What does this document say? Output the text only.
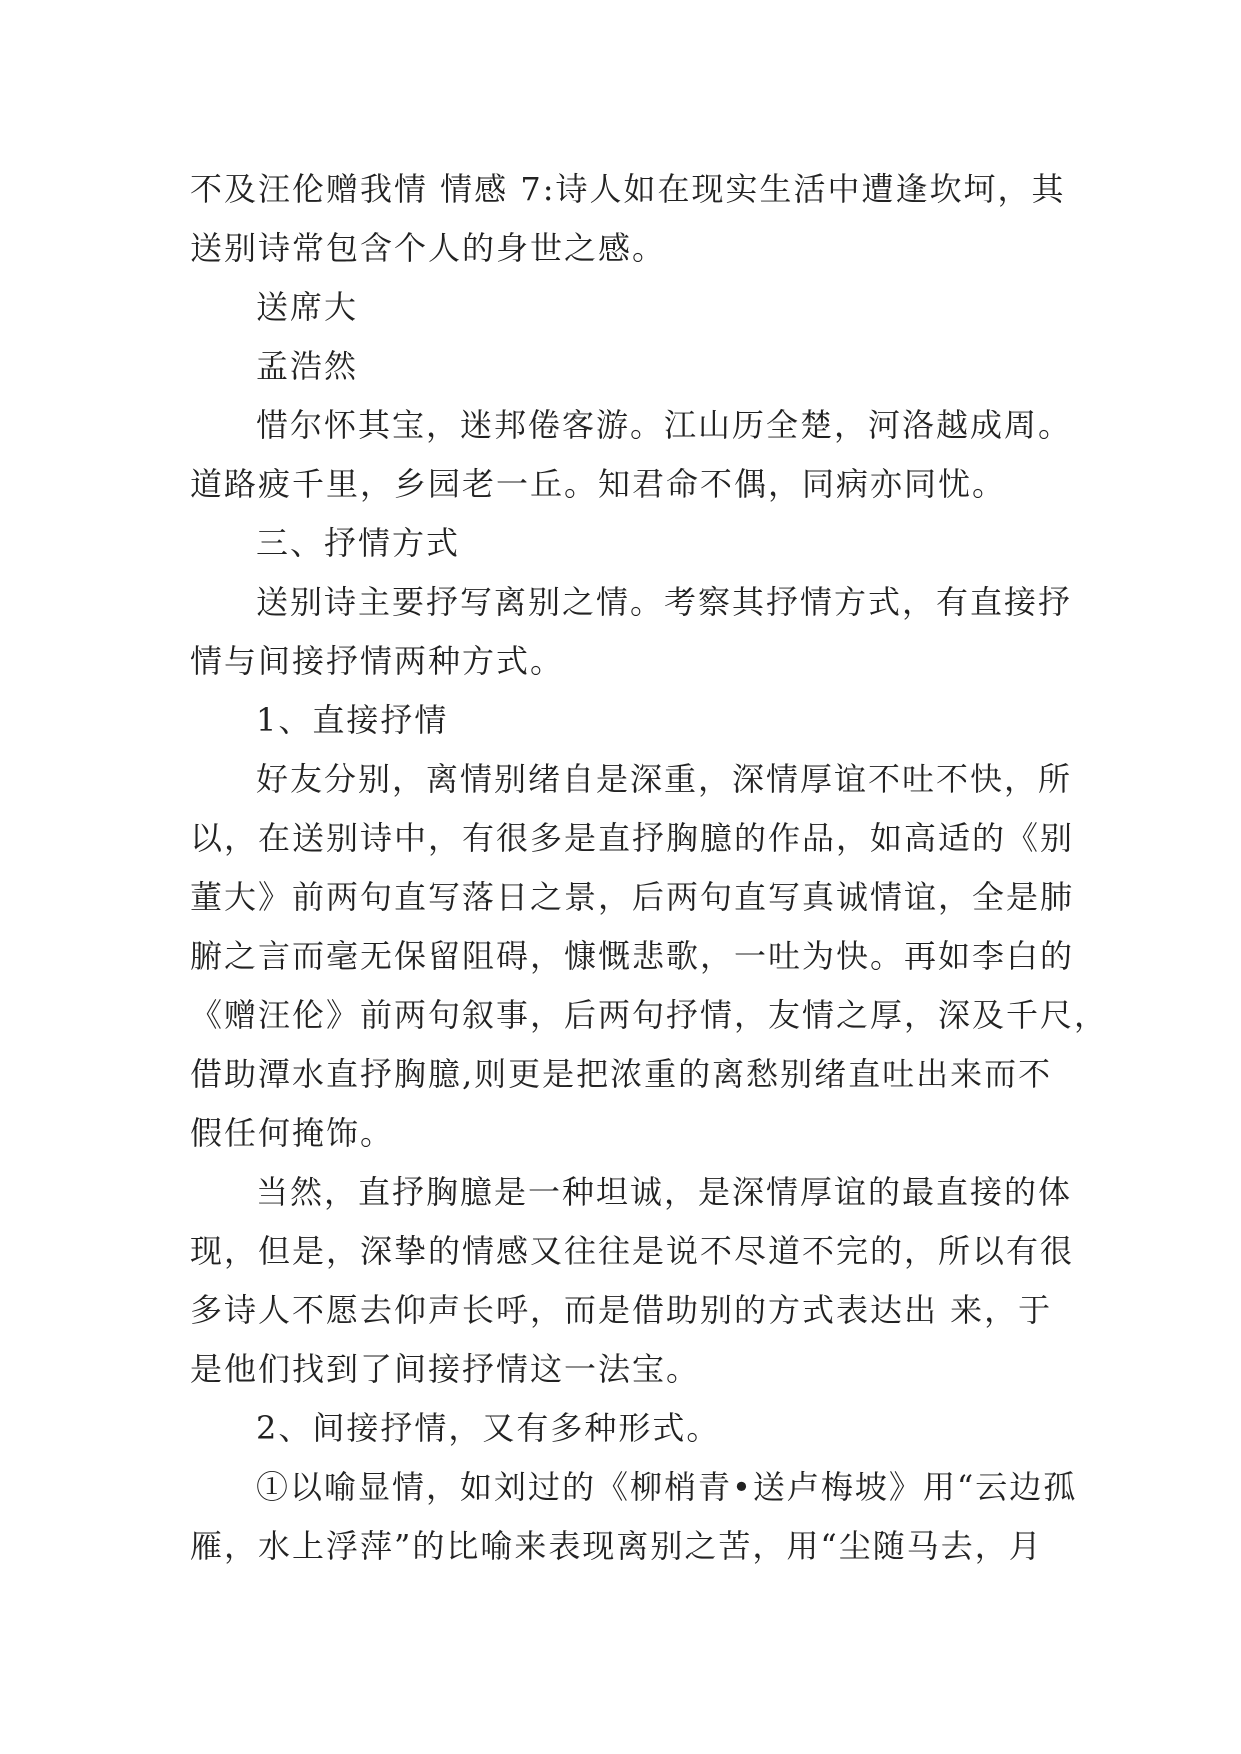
不及汪伦赠我情 情感 7:诗人如在现实生活中遭逢坎坷，其
送别诗常包含个人的身世之感。
送席大
孟浩然
惜尔怀其宝，迷邦倦客游。江山历全楚，河洛越成周。
道路疲千里，乡园老一丘。知君命不偶，同病亦同忧。
三、抒情方式
送别诗主要抒写离别之情。考察其抒情方式，有直接抒
情与间接抒情两种方式。
1、直接抒情
好友分别，离情别绪自是深重，深情厚谊不吐不快，所
以，在送别诗中，有很多是直抒胸臆的作品，如高适的《别
董大》前两句直写落日之景，后两句直写真诚情谊，全是肺
腑之言而毫无保留阻碍，慷慨悲歌，一吐为快。再如李白的
《赠汪伦》前两句叙事，后两句抒情，友情之厚，深及千尺，
借助潭水直抒胸臆,则更是把浓重的离愁别绪直吐出来而不
假任何掩饰。
当然，直抒胸臆是一种坦诚，是深情厚谊的最直接的体
现，但是，深挚的情感又往往是说不尽道不完的，所以有很
多诗人不愿去仰声长呼，而是借助别的方式表达出 来，于
是他们找到了间接抒情这一法宝。
2、间接抒情，又有多种形式。
①以喻显情，如刘过的《柳梢青•送卢梅坡》用“云边孤
雁，水上浮萍”的比喻来表现离别之苦，用“尘随马去，月
